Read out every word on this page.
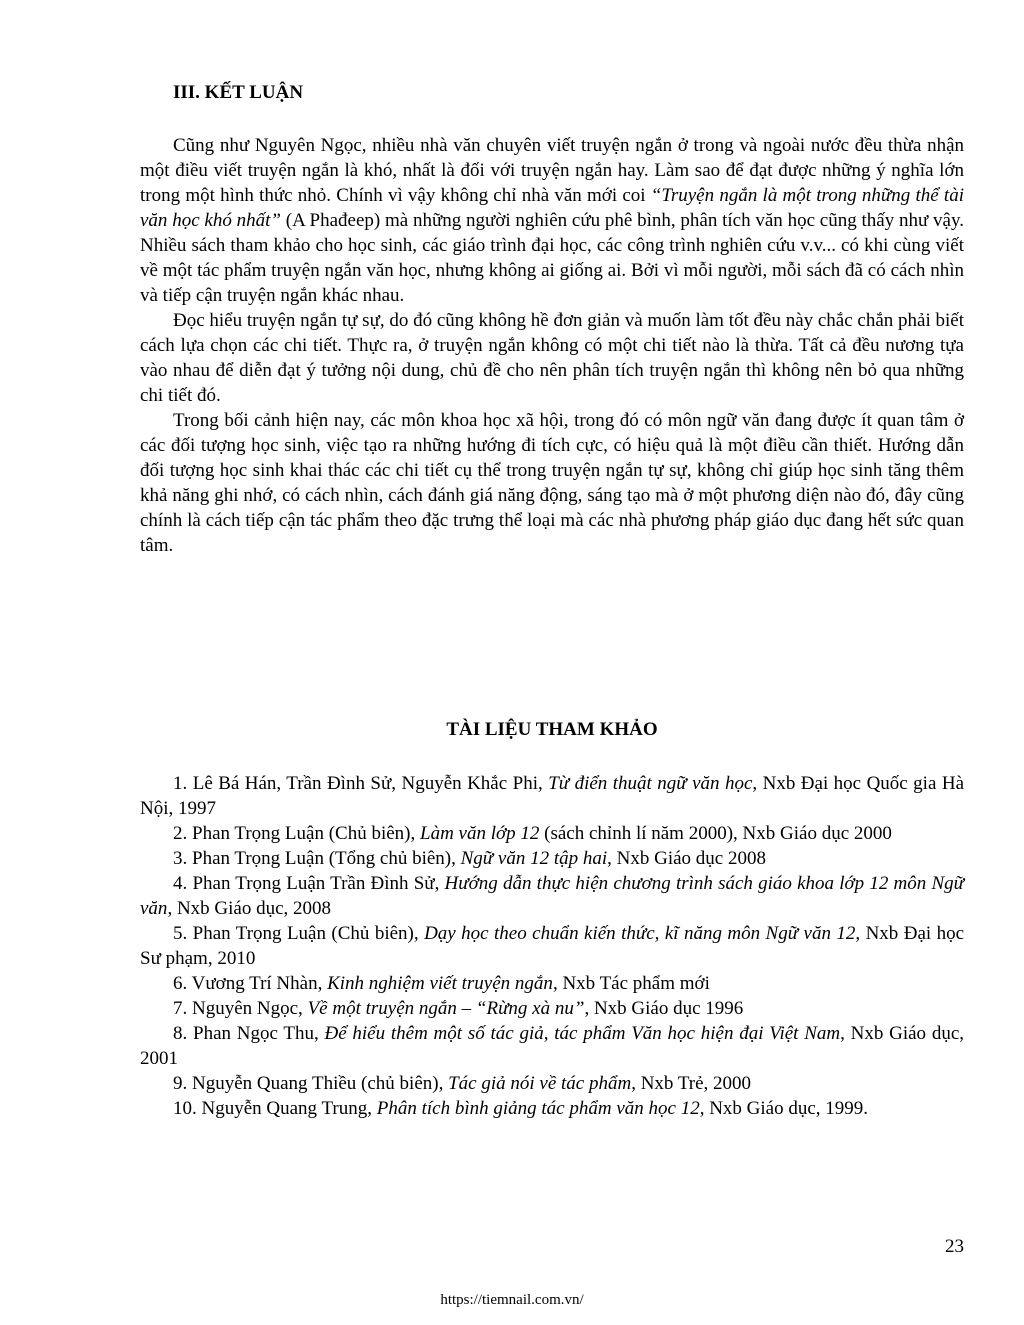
III. KẾT LUẬN

Cũng như Nguyên Ngọc, nhiều nhà văn chuyên viết truyện ngắn ở trong và ngoài nước đều thừa nhận một điều viết truyện ngắn là khó, nhất là đối với truyện ngắn hay. Làm sao để đạt được những ý nghĩa lớn trong một hình thức nhỏ. Chính vì vậy không chỉ nhà văn mới coi “Truyện ngắn là một trong những thể tài văn học khó nhất” (A Phađeep) mà những người nghiên cứu phê bình, phân tích văn học cũng thấy như vậy. Nhiều sách tham khảo cho học sinh, các giáo trình đại học, các công trình nghiên cứu v.v... có khi cùng viết về một tác phẩm truyện ngắn văn học, nhưng không ai giống ai. Bởi vì mỗi người, mỗi sách đã có cách nhìn và tiếp cận truyện ngắn khác nhau.

Đọc hiểu truyện ngắn tự sự, do đó cũng không hề đơn giản và muốn làm tốt đều này chắc chắn phải biết cách lựa chọn các chi tiết. Thực ra, ở truyện ngắn không có một chi tiết nào là thừa. Tất cả đều nương tựa vào nhau để diễn đạt ý tưởng nội dung, chủ đề cho nên phân tích truyện ngắn thì không nên bỏ qua những chi tiết đó.

Trong bối cảnh hiện nay, các môn khoa học xã hội, trong đó có môn ngữ văn đang được ít quan tâm ở các đối tượng học sinh, việc tạo ra những hướng đi tích cực, có hiệu quả là một điều cần thiết. Hướng dẫn đối tượng học sinh khai thác các chi tiết cụ thể trong truyện ngắn tự sự, không chỉ giúp học sinh tăng thêm khả năng ghi nhớ, có cách nhìn, cách đánh giá năng động, sáng tạo mà ở một phương diện nào đó, đây cũng chính là cách tiếp cận tác phẩm theo đặc trưng thể loại mà các nhà phương pháp giáo dục đang hết sức quan tâm.

TÀI LIỆU THAM KHẢO

1. Lê Bá Hán, Trần Đình Sử, Nguyễn Khắc Phi, Từ điển thuật ngữ văn học, Nxb Đại học Quốc gia Hà Nội, 1997

2. Phan Trọng Luận (Chủ biên), Làm văn lớp 12 (sách chỉnh lí năm 2000), Nxb Giáo dục 2000

3. Phan Trọng Luận (Tổng chủ biên), Ngữ văn 12 tập hai, Nxb Giáo dục 2008

4. Phan Trọng Luận Trần Đình Sử, Hướng dẫn thực hiện chương trình sách giáo khoa lớp 12 môn Ngữ văn, Nxb Giáo dục, 2008

5. Phan Trọng Luận (Chủ biên), Dạy học theo chuẩn kiến thức, kĩ năng môn Ngữ văn 12, Nxb Đại học Sư phạm, 2010

6. Vương Trí Nhàn, Kinh nghiệm viết truyện ngắn, Nxb Tác phẩm mới

7. Nguyên Ngọc, Về một truyện ngắn – “Rừng xà nu”, Nxb Giáo dục 1996

8. Phan Ngọc Thu, Để hiểu thêm một số tác giả, tác phẩm Văn học hiện đại Việt Nam, Nxb Giáo dục, 2001

9. Nguyễn Quang Thiều (chủ biên), Tác giả nói về tác phẩm, Nxb Trẻ, 2000

10. Nguyễn Quang Trung, Phân tích bình giảng tác phẩm văn học 12, Nxb Giáo dục, 1999.

23
https://tiemnail.com.vn/
